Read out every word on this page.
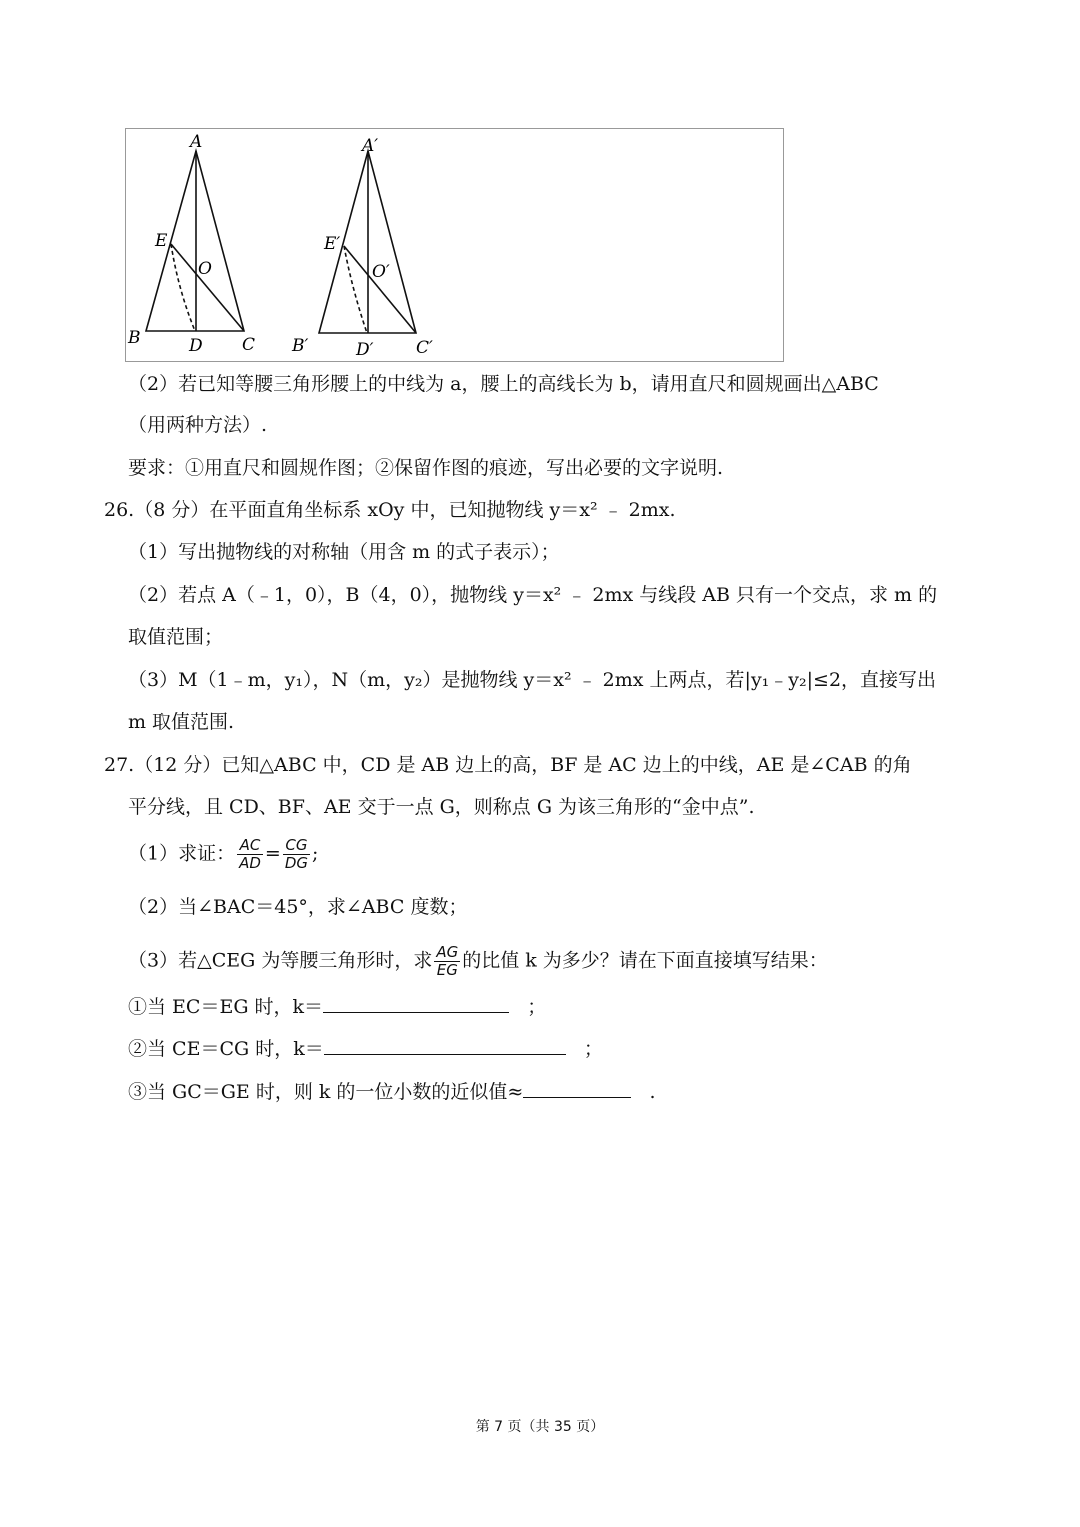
A
B	C
D
E
O
A′
B′	C′
D′
E′
O′
（2）若已知等腰三角形腰上的中线为 a，腰上的高线长为 b，请用直尺和圆规画出△ABC
（用两种方法）.
要求：①用直尺和圆规作图；②保留作图的痕迹，写出必要的文字说明.
26.（8 分）在平面直角坐标系 xOy 中，已知抛物线 y＝x² ﹣ 2mx.
（1）写出抛物线的对称轴（用含 m 的式子表示）；
（2）若点 A（﹣1，0），B（4，0），抛物线 y＝x² ﹣ 2mx 与线段 AB 只有一个交点，求 m 的
取值范围；
（3）M（1﹣m，y₁），N（m，y₂）是抛物线 y＝x² ﹣ 2mx 上两点，若|y₁﹣y₂|≤2，直接写出
m 取值范围.
27.（12 分）已知△ABC 中，CD 是 AB 边上的高，BF 是 AC 边上的中线，AE 是∠CAB 的角
平分线，且 CD、BF、AE 交于一点 G，则称点 G 为该三角形的“金中点”.
（1）求证： $\frac{AC}{AD} = \frac{CG}{DG}$ ;
（2）当∠BAC＝45°，求∠ABC 度数；
（3）若△CEG 为等腰三角形时，求 $\frac{AG}{EG}$ 的比值 k 为多少？请在下面直接填写结果：
①当 EC＝EG 时，k＝	；
②当 CE＝CG 时，k＝	；
③当 GC＝GE 时，则 k 的一位小数的近似值≈	.
第 7 页（共 35 页）
